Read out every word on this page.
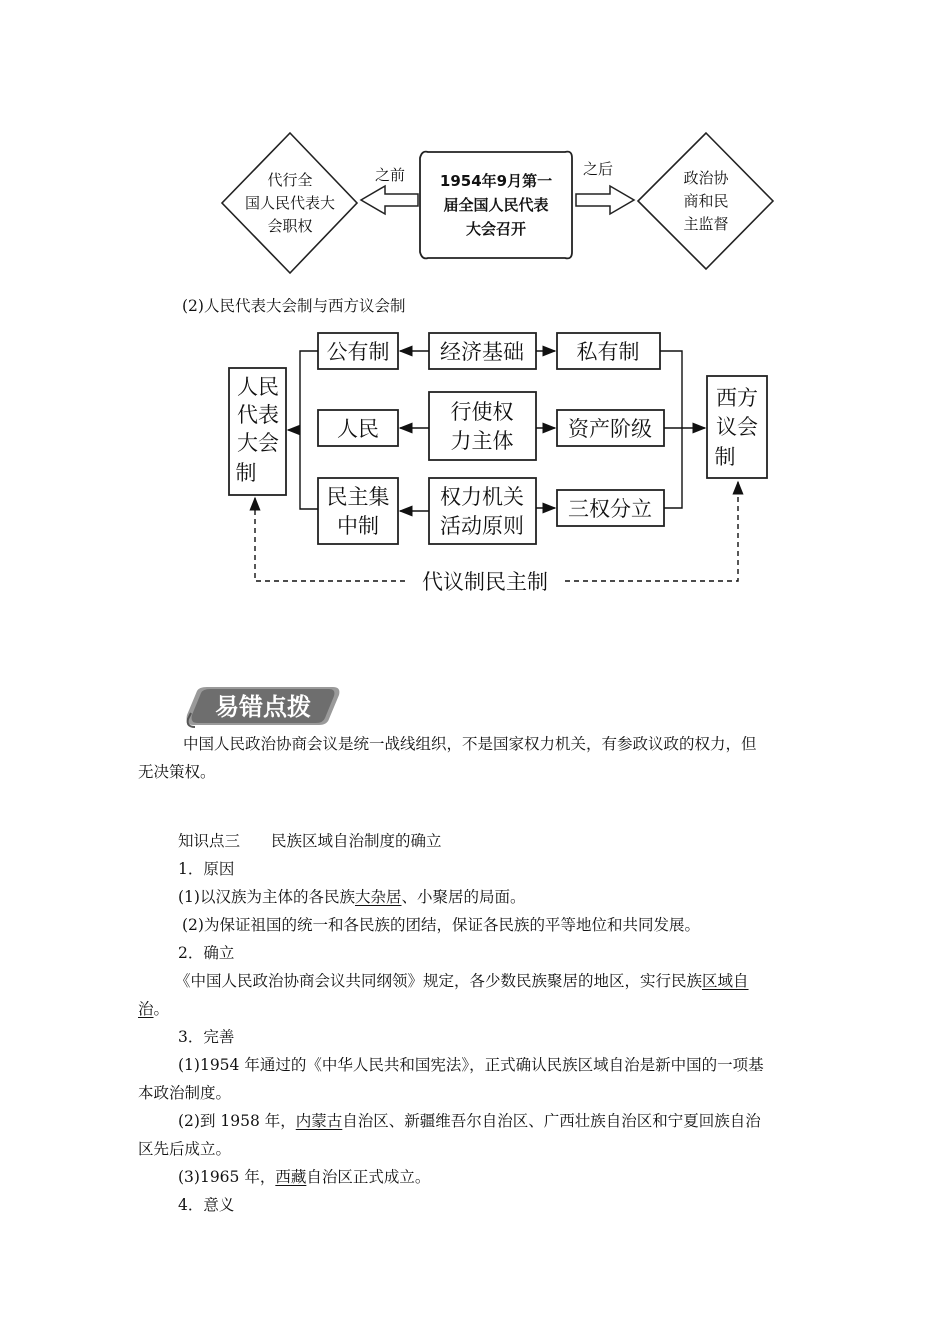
代行全
国人民代表大
会职权
之前 1954年9月第一
届全国人民代表
大会召开
之后	政治协
商和民
主监督
(2)人民代表大会制与西方议会制
人民
代表
大会
制
西方
议会
制
公有制 经济基础	私有制
人民
行使权
力主体	资产阶级
民主集
中制
权力机关
活动原则
三权分立
代议制民主制
易错点拨
中国人民政治协商会议是统一战线组织，不是国家权力机关，有参政议政的权力，但
无决策权。
知识点三　　民族区域自治制度的确立
1．原因
(1)以汉族为主体的各民族大杂居、小聚居的局面。
(2)为保证祖国的统一和各民族的团结，保证各民族的平等地位和共同发展。
2．确立
《中国人民政治协商会议共同纲领》规定，各少数民族聚居的地区，实行民族区域自
治。
3．完善
(1)1954 年通过的《中华人民共和国宪法》，正式确认民族区域自治是新中国的一项基
本政治制度。
(2)到 1958 年，内蒙古自治区、新疆维吾尔自治区、广西壮族自治区和宁夏回族自治
区先后成立。
(3)1965 年，西藏自治区正式成立。
4．意义
